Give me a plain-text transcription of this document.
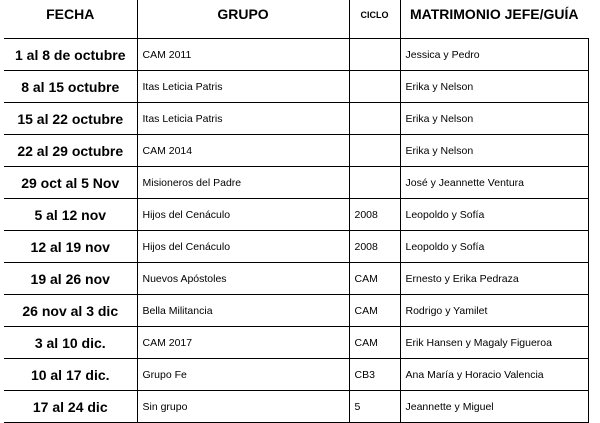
FECHA	GRUPO	CICLO	MATRIMONIO JEFE/GUÍA
1 al 8 de octubre	CAM 2011		Jessica y Pedro
8 al 15 octubre	Itas Leticia Patris		Erika y Nelson
15 al 22 octubre	Itas Leticia Patris		Erika y Nelson
22 al 29 octubre	CAM 2014		Erika y Nelson
29 oct al 5 Nov	Misioneros del Padre		José y Jeannette Ventura
5 al 12 nov	Hijos del Cenáculo	2008	Leopoldo y Sofía
12 al 19 nov	Hijos del Cenáculo	2008	Leopoldo y Sofía
19 al 26 nov	Nuevos Apóstoles	CAM	Ernesto y Erika Pedraza
26 nov al 3 dic	Bella Militancia	CAM	Rodrigo y Yamilet
3 al 10 dic.	CAM 2017	CAM	Erik Hansen y Magaly Figueroa
10 al 17 dic.	Grupo Fe	CB3	Ana María y Horacio Valencia
17 al 24 dic	Sin grupo	5	Jeannette y Miguel
